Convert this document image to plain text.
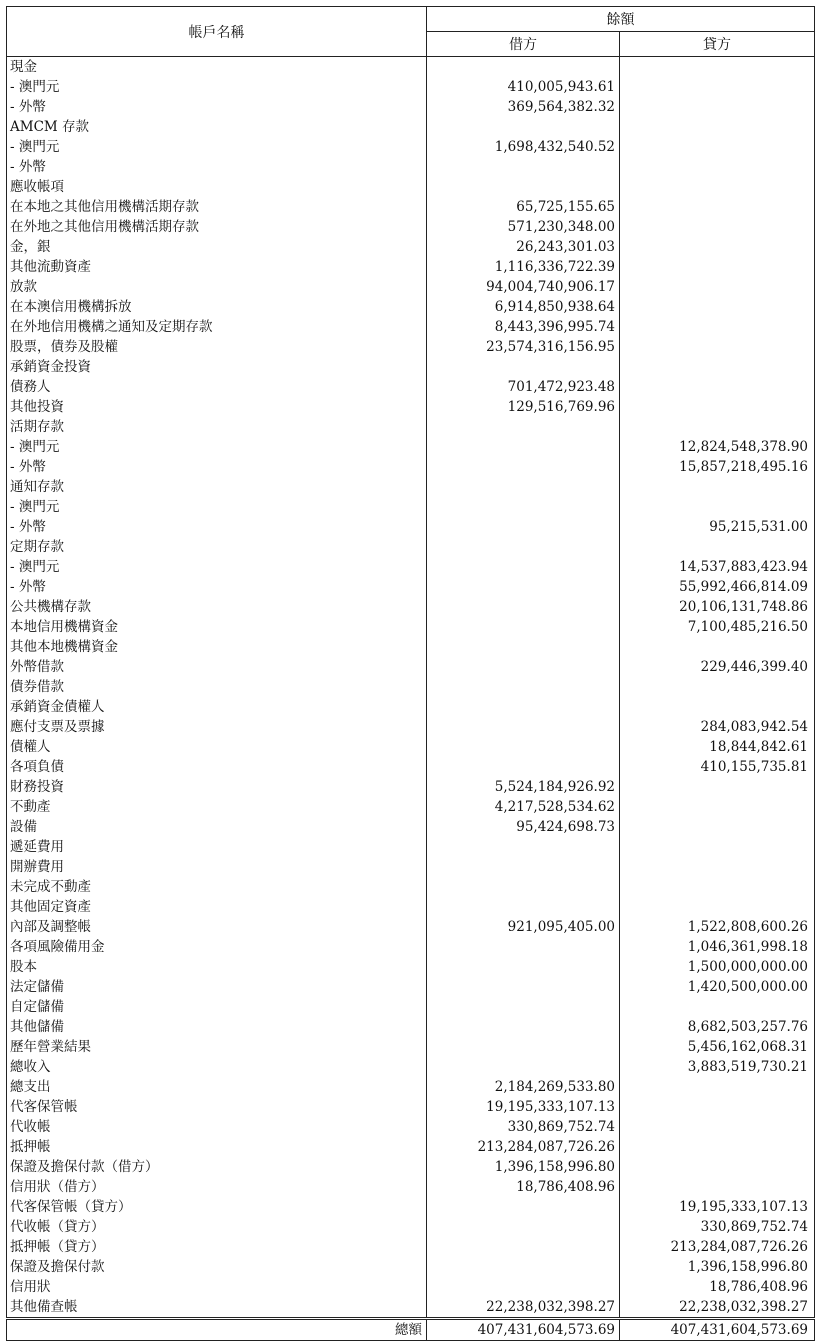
帳戶名稱	餘額	
	借方	貸方
現金		
- 澳門元	410,005,943.61	
- 外幣	369,564,382.32	
AMCM 存款		
- 澳門元	1,698,432,540.52	
- 外幣		
應收帳項		
在本地之其他信用機構活期存款	65,725,155.65	
在外地之其他信用機構活期存款	571,230,348.00	
金，銀	26,243,301.03	
其他流動資產	1,116,336,722.39	
放款	94,004,740,906.17	
在本澳信用機構拆放	6,914,850,938.64	
在外地信用機構之通知及定期存款	8,443,396,995.74	
股票，債券及股權	23,574,316,156.95	
承銷資金投資		
債務人	701,472,923.48	
其他投資	129,516,769.96	
活期存款		
- 澳門元		12,824,548,378.90
- 外幣		15,857,218,495.16
通知存款		
- 澳門元		
- 外幣		95,215,531.00
定期存款		
- 澳門元		14,537,883,423.94
- 外幣		55,992,466,814.09
公共機構存款		20,106,131,748.86
本地信用機構資金		7,100,485,216.50
其他本地機構資金		
外幣借款		229,446,399.40
債券借款		
承銷資金債權人		
應付支票及票據		284,083,942.54
債權人		18,844,842.61
各項負債		410,155,735.81
財務投資	5,524,184,926.92	
不動產	4,217,528,534.62	
設備	95,424,698.73	
遞延費用		
開辦費用		
未完成不動產		
其他固定資產		
內部及調整帳	921,095,405.00	1,522,808,600.26
各項風險備用金		1,046,361,998.18
股本		1,500,000,000.00
法定儲備		1,420,500,000.00
自定儲備		
其他儲備		8,682,503,257.76
歷年營業結果		5,456,162,068.31
總收入		3,883,519,730.21
總支出	2,184,269,533.80	
代客保管帳	19,195,333,107.13	
代收帳	330,869,752.74	
抵押帳	213,284,087,726.26	
保證及擔保付款（借方）	1,396,158,996.80	
信用狀（借方）	18,786,408.96	
代客保管帳（貸方）		19,195,333,107.13
代收帳（貸方）		330,869,752.74
抵押帳（貸方）		213,284,087,726.26
保證及擔保付款		1,396,158,996.80
信用狀		18,786,408.96
其他備查帳	22,238,032,398.27	22,238,032,398.27
總額	407,431,604,573.69	407,431,604,573.69
